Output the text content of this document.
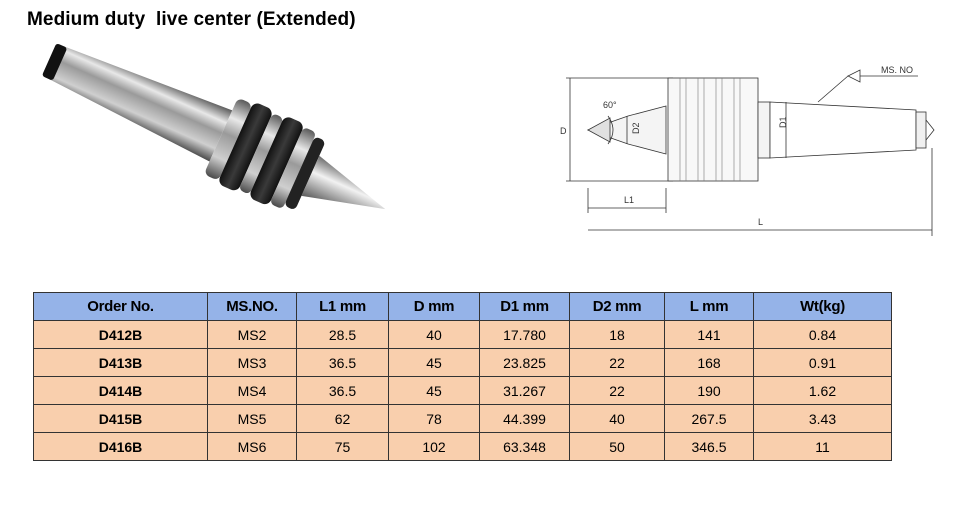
Medium duty  live center (Extended)
D
60°
D2
D1
MS. NO
L1
L
Order No.	MS.NO.	L1 mm	D mm	D1 mm	D2 mm	L mm	Wt(kg)
D412B	MS2	28.5	40	17.780	18	141	0.84
D413B	MS3	36.5	45	23.825	22	168	0.91
D414B	MS4	36.5	45	31.267	22	190	1.62
D415B	MS5	62	78	44.399	40	267.5	3.43
D416B	MS6	75	102	63.348	50	346.5	11
